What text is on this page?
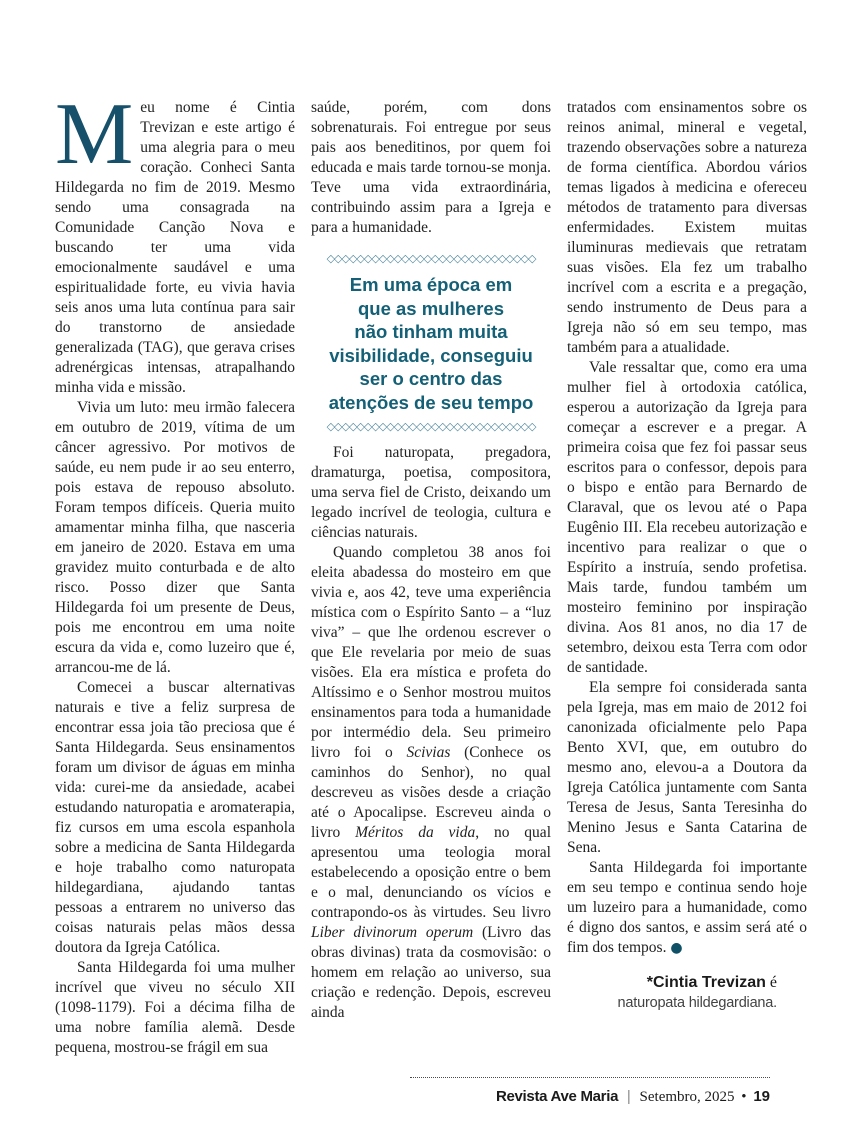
Meu nome é Cintia Trevizan e este artigo é uma alegria para o meu coração. Conheci Santa Hildegarda no fim de 2019. Mesmo sendo uma consagrada na Comunidade Canção Nova e buscando ter uma vida emocionalmente saudável e uma espiritualidade forte, eu vivia havia seis anos uma luta contínua para sair do transtorno de ansiedade generalizada (TAG), que gerava crises adrenérgicas intensas, atrapalhando minha vida e missão.

Vivia um luto: meu irmão falecera em outubro de 2019, vítima de um câncer agressivo. Por motivos de saúde, eu nem pude ir ao seu enterro, pois estava de repouso absoluto. Foram tempos difíceis. Queria muito amamentar minha filha, que nasceria em janeiro de 2020. Estava em uma gravidez muito conturbada e de alto risco. Posso dizer que Santa Hildegarda foi um presente de Deus, pois me encontrou em uma noite escura da vida e, como luzeiro que é, arrancou-me de lá.

Comecei a buscar alternativas naturais e tive a feliz surpresa de encontrar essa joia tão preciosa que é Santa Hildegarda. Seus ensinamentos foram um divisor de águas em minha vida: curei-me da ansiedade, acabei estudando naturopatia e aromaterapia, fiz cursos em uma escola espanhola sobre a medicina de Santa Hildegarda e hoje trabalho como naturopata hildegardiana, ajudando tantas pessoas a entrarem no universo das coisas naturais pelas mãos dessa doutora da Igreja Católica.

Santa Hildegarda foi uma mulher incrível que viveu no século XII (1098-1179). Foi a décima filha de uma nobre família alemã. Desde pequena, mostrou-se frágil em sua

saúde, porém, com dons sobrenaturais. Foi entregue por seus pais aos beneditinos, por quem foi educada e mais tarde tornou-se monja. Teve uma vida extraordinária, contribuindo assim para a Igreja e para a humanidade.

◇◇◇◇◇◇◇◇◇◇◇◇◇◇◇◇◇◇◇◇◇◇◇◇◇◇◇◇
Em uma época em
que as mulheres
não tinham muita
visibilidade, conseguiu
ser o centro das
atenções de seu tempo
◇◇◇◇◇◇◇◇◇◇◇◇◇◇◇◇◇◇◇◇◇◇◇◇◇◇◇◇

Foi naturopata, pregadora, dramaturga, poetisa, compositora, uma serva fiel de Cristo, deixando um legado incrível de teologia, cultura e ciências naturais.

Quando completou 38 anos foi eleita abadessa do mosteiro em que vivia e, aos 42, teve uma experiência mística com o Espírito Santo – a “luz viva” – que lhe ordenou escrever o que Ele revelaria por meio de suas visões. Ela era mística e profeta do Altíssimo e o Senhor mostrou muitos ensinamentos para toda a humanidade por intermédio dela. Seu primeiro livro foi o Scivias (Conhece os caminhos do Senhor), no qual descreveu as visões desde a criação até o Apocalipse. Escreveu ainda o livro Méritos da vida, no qual apresentou uma teologia moral estabelecendo a oposição entre o bem e o mal, denunciando os vícios e contrapondo-os às virtudes. Seu livro Liber divinorum operum (Livro das obras divinas) trata da cosmovisão: o homem em relação ao universo, sua criação e redenção. Depois, escreveu ainda

tratados com ensinamentos sobre os reinos animal, mineral e vegetal, trazendo observações sobre a natureza de forma científica. Abordou vários temas ligados à medicina e ofereceu métodos de tratamento para diversas enfermidades. Existem muitas iluminuras medievais que retratam suas visões. Ela fez um trabalho incrível com a escrita e a pregação, sendo instrumento de Deus para a Igreja não só em seu tempo, mas também para a atualidade.

Vale ressaltar que, como era uma mulher fiel à ortodoxia católica, esperou a autorização da Igreja para começar a escrever e a pregar. A primeira coisa que fez foi passar seus escritos para o confessor, depois para o bispo e então para Bernardo de Claraval, que os levou até o Papa Eugênio III. Ela recebeu autorização e incentivo para realizar o que o Espírito a instruía, sendo profetisa. Mais tarde, fundou também um mosteiro feminino por inspiração divina. Aos 81 anos, no dia 17 de setembro, deixou esta Terra com odor de santidade.

Ela sempre foi considerada santa pela Igreja, mas em maio de 2012 foi canonizada oficialmente pelo Papa Bento XVI, que, em outubro do mesmo ano, elevou-a a Doutora da Igreja Católica juntamente com Santa Teresa de Jesus, Santa Teresinha do Menino Jesus e Santa Catarina de Sena.

Santa Hildegarda foi importante em seu tempo e continua sendo hoje um luzeiro para a humanidade, como é digno dos santos, e assim será até o fim dos tempos. ●

*Cintia Trevizan é
naturopata hildegardiana.
Revista Ave Maria | Setembro, 2025 • 19
